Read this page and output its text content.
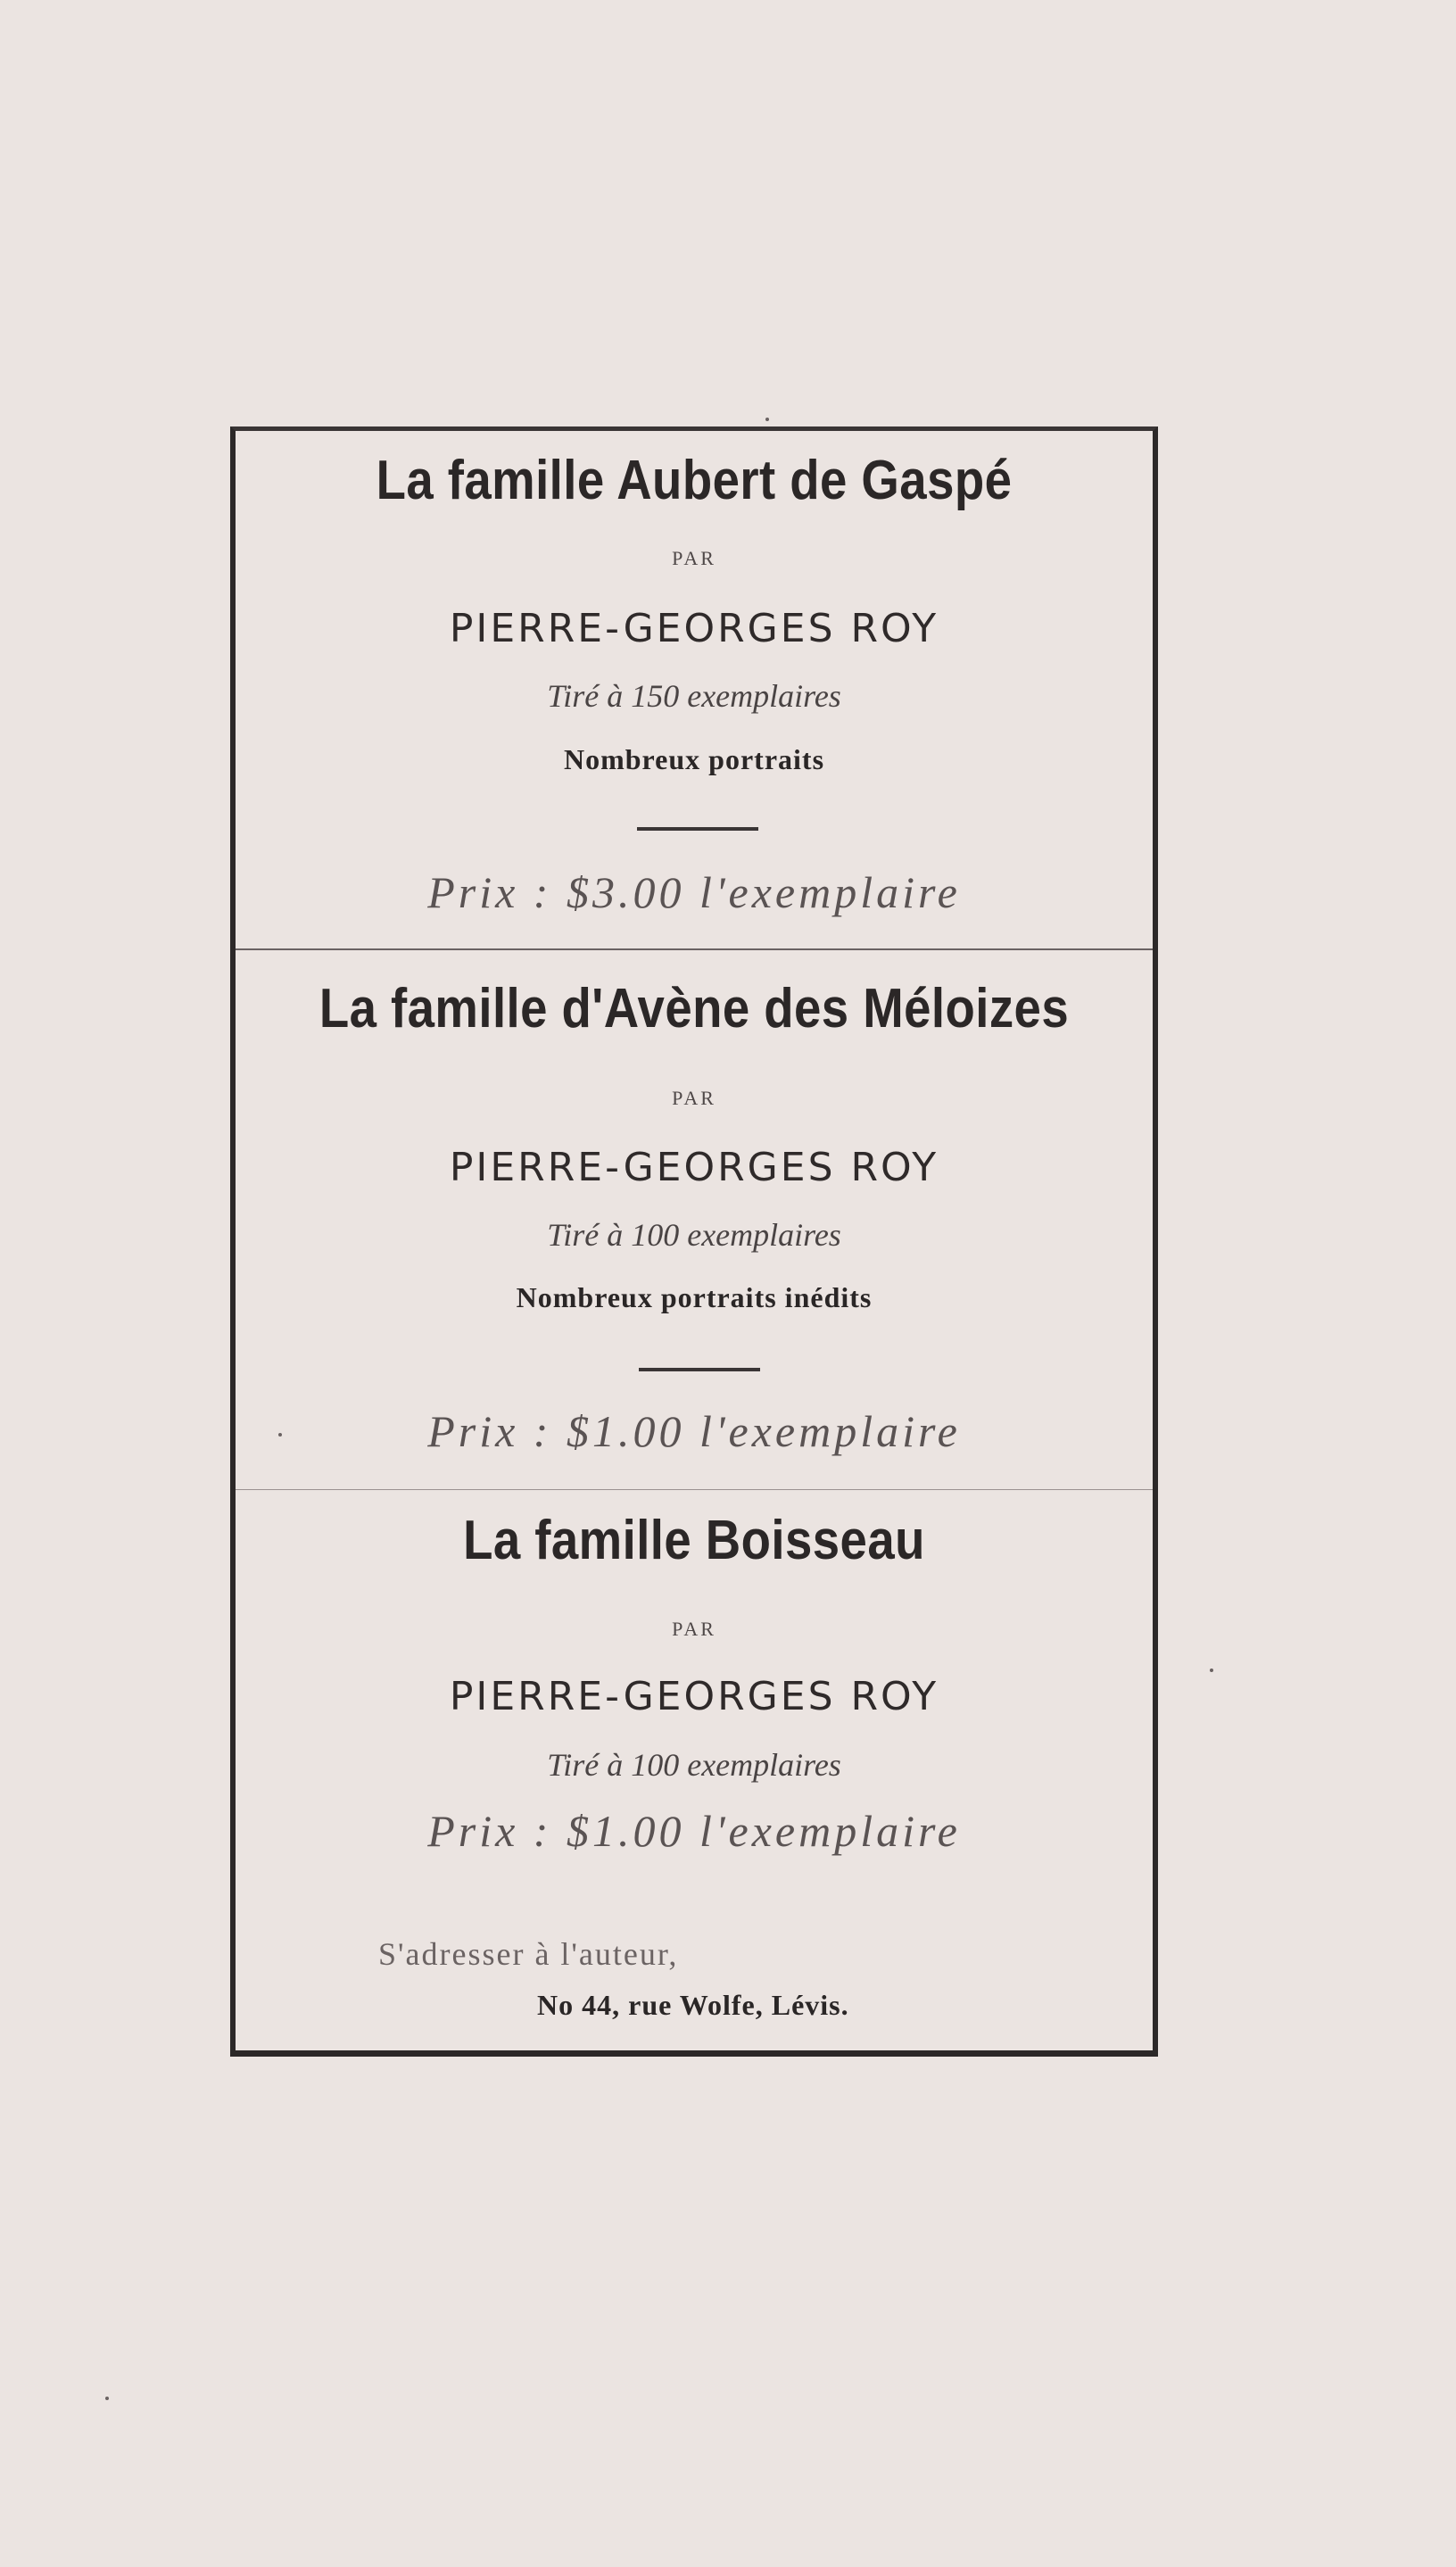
La famille Aubert de Gaspé
PAR
PIERRE-GEORGES ROY
Tiré à 150 exemplaires
Nombreux portraits
Prix : $3.00 l'exemplaire
La famille d'Avène des Méloizes
PAR
PIERRE-GEORGES ROY
Tiré à 100 exemplaires
Nombreux portraits inédits
Prix : $1.00 l'exemplaire
La famille Boisseau
PAR
PIERRE-GEORGES ROY
Tiré à 100 exemplaires
Prix : $1.00 l'exemplaire
S'adresser à l'auteur,
No 44, rue Wolfe, Lévis.
